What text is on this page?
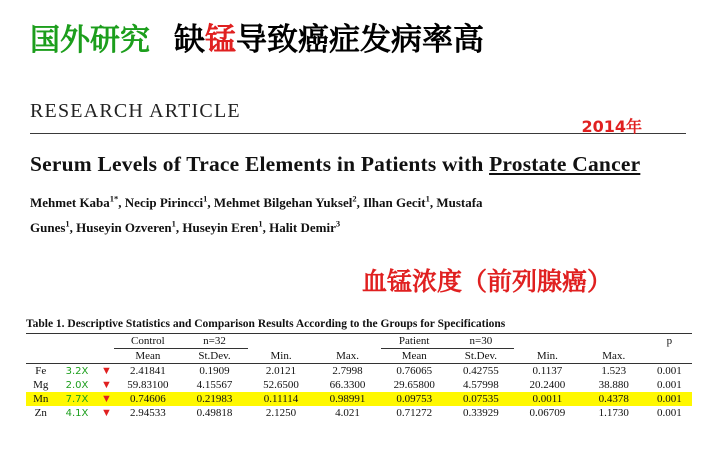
国外研究 缺锰导致癌症发病率高
RESEARCH ARTICLE
2014年
Serum Levels of Trace Elements in Patients with Prostate Cancer
Mehmet Kaba$^{1*}$, Necip Pirincci$^1$, Mehmet Bilgehan Yuksel$^2$, Ilhan Gecit$^1$, Mustafa
Gunes$^1$, Huseyin Ozveren$^1$, Huseyin Eren$^1$, Halit Demir$^3$
血锰浓度（前列腺癌）
Table 1. Descriptive Statistics and Comparison Results According to the Groups for Specifications
			Control	n=32			Patient	n=30			p
			Mean	St.Dev.	Min.	Max.	Mean	St.Dev.	Min.	Max.	
Fe	3.2X	▼	2.41841	0.1909	2.0121	2.7998	0.76065	0.42755	0.1137	1.523	0.001
Mg	2.0X	▼	59.83100	4.15567	52.6500	66.3300	29.65800	4.57998	20.2400	38.880	0.001
Mn	7.7X	▼	0.74606	0.21983	0.11114	0.98991	0.09753	0.07535	0.0011	0.4378	0.001
Zn	4.1X	▼	2.94533	0.49818	2.1250	4.021	0.71272	0.33929	0.06709	1.1730	0.001
